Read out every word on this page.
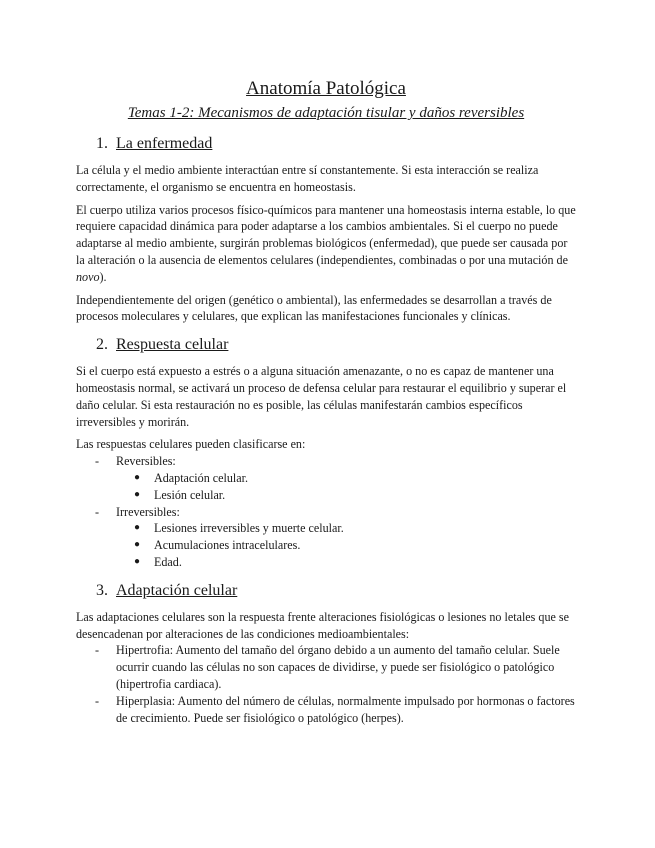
Anatomía Patológica
Temas 1-2: Mecanismos de adaptación tisular y daños reversibles
1. La enfermedad

La célula y el medio ambiente interactúan entre sí constantemente. Si esta interacción se realiza correctamente, el organismo se encuentra en homeostasis.

El cuerpo utiliza varios procesos físico-químicos para mantener una homeostasis interna estable, lo que requiere capacidad dinámica para poder adaptarse a los cambios ambientales. Si el cuerpo no puede adaptarse al medio ambiente, surgirán problemas biológicos (enfermedad), que puede ser causada por la alteración o la ausencia de elementos celulares (independientes, combinadas o por una mutación de novo).

Independientemente del origen (genético o ambiental), las enfermedades se desarrollan a través de procesos moleculares y celulares, que explican las manifestaciones funcionales y clínicas.

2. Respuesta celular

Si el cuerpo está expuesto a estrés o a alguna situación amenazante, o no es capaz de mantener una homeostasis normal, se activará un proceso de defensa celular para restaurar el equilibrio y superar el daño celular. Si esta restauración no es posible, las células manifestarán cambios específicos irreversibles y morirán.

Las respuestas celulares pueden clasificarse en:

- Reversibles:
● Adaptación celular.
● Lesión celular.
- Irreversibles:
● Lesiones irreversibles y muerte celular.
● Acumulaciones intracelulares.
● Edad.
3. Adaptación celular

Las adaptaciones celulares son la respuesta frente alteraciones fisiológicas o lesiones no letales que se desencadenan por alteraciones de las condiciones medioambientales:

- Hipertrofia: Aumento del tamaño del órgano debido a un aumento del tamaño celular. Suele ocurrir cuando las células no son capaces de dividirse, y puede ser fisiológico o patológico (hipertrofia cardiaca).
- Hiperplasia: Aumento del número de células, normalmente impulsado por hormonas o factores de crecimiento. Puede ser fisiológico o patológico (herpes).
